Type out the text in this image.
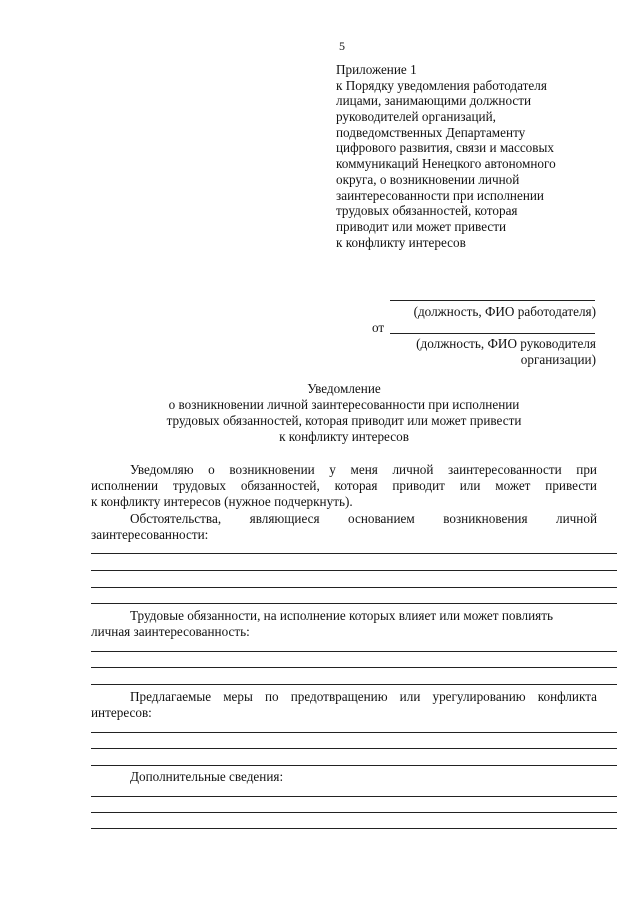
5
Приложение 1
к Порядку уведомления работодателя
лицами, занимающими должности
руководителей организаций,
подведомственных Департаменту
цифрового развития, связи и массовых
коммуникаций Ненецкого автономного
округа, о возникновении личной
заинтересованности при исполнении
трудовых обязанностей, которая
приводит или может привести
к конфликту интересов
(должность, ФИО работодателя)
от
(должность, ФИО руководителя
организации)
Уведомление
о возникновении личной заинтересованности при исполнении
трудовых обязанностей, которая приводит или может привести
к конфликту интересов
Уведомляю о возникновении у меня личной заинтересованности при
исполнении трудовых обязанностей, которая приводит или может привести
к конфликту интересов (нужное подчеркнуть).
Обстоятельства, являющиеся основанием возникновения личной
заинтересованности:
Трудовые обязанности, на исполнение которых влияет или может повлиять
личная заинтересованность:
Предлагаемые меры по предотвращению или урегулированию конфликта
интересов:
Дополнительные сведения:
